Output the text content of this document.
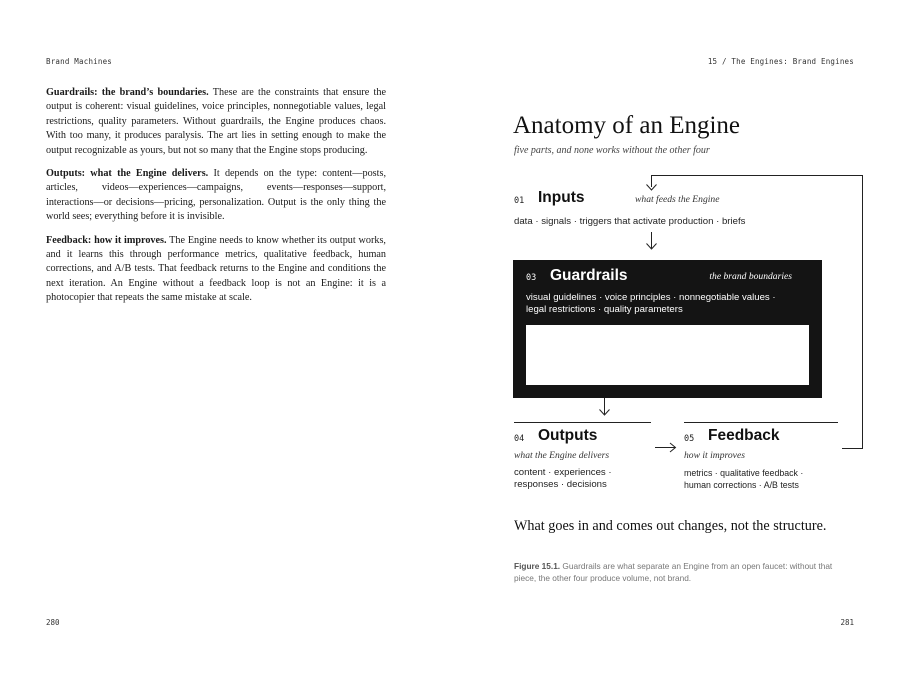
Brand Machines

Guardrails: the brand’s boundaries. These are the constraints that ensure the output is coherent: visual guidelines, voice principles, nonnegotiable values, legal restrictions, quality parameters. Without guardrails, the Engine produces chaos. With too many, it produces paralysis. The art lies in setting enough to make the output recognizable as yours, but not so many that the Engine stops producing.

Outputs: what the Engine delivers. It depends on the type: content—posts, articles, videos—experiences—campaigns, events—responses—support, interactions—or decisions—pricing, personalization. Output is the only thing the world sees; everything before it is invisible.

Feedback: how it improves. The Engine needs to know whether its output works, and it learns this through performance metrics, qualitative feedback, human corrections, and A/B tests. That feedback returns to the Engine and conditions the next iteration. An Engine without a feedback loop is not an Engine: it is a photocopier that repeats the same mistake at scale.

280
15 / The Engines: Brand Engines
Anatomy of an Engine
five parts, and none works without the other four
01 Inputs	what feeds the Engine
data · signals · triggers that activate production · briefs
03 Guardrails	the brand boundaries
visual guidelines · voice principles · nonnegotiable values ·
legal restrictions · quality parameters
02 core	the production logic
human · algorithmic · hybrid:
AI and people in the same flow
04 Outputs
what the Engine delivers
content · experiences ·
responses · decisions
05 Feedback
how it improves
metrics · qualitative feedback ·
human corrections · A/B tests
What goes in and comes out changes, not the structure.
Figure 15.1. Guardrails are what separate an Engine from an open faucet: without that piece, the other four produce volume, not brand.
281
